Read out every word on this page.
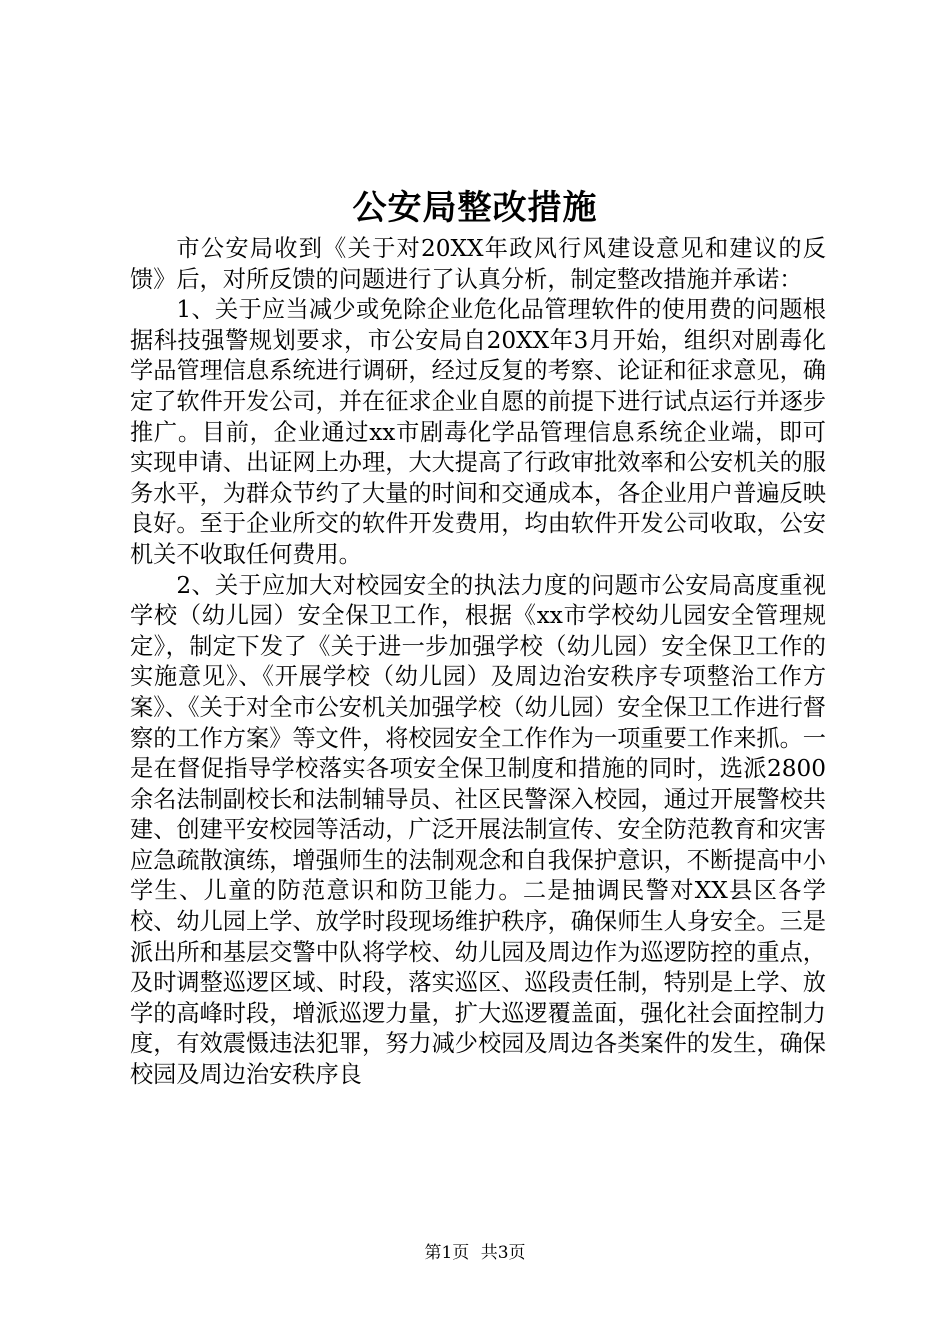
公安局整改措施

市公安局收到《关于对20XX年政风行风建设意见和建议的反馈》后，对所反馈的问题进行了认真分析，制定整改措施并承诺：

1、关于应当减少或免除企业危化品管理软件的使用费的问题根据科技强警规划要求，市公安局自20XX年3月开始，组织对剧毒化学品管理信息系统进行调研，经过反复的考察、论证和征求意见，确定了软件开发公司，并在征求企业自愿的前提下进行试点运行并逐步推广。目前，企业通过xx市剧毒化学品管理信息系统企业端，即可实现申请、出证网上办理，大大提高了行政审批效率和公安机关的服务水平，为群众节约了大量的时间和交通成本，各企业用户普遍反映良好。至于企业所交的软件开发费用，均由软件开发公司收取，公安机关不收取任何费用。

2、关于应加大对校园安全的执法力度的问题市公安局高度重视学校（幼儿园）安全保卫工作，根据《xx市学校幼儿园安全管理规定》，制定下发了《关于进一步加强学校（幼儿园）安全保卫工作的实施意见》、《开展学校（幼儿园）及周边治安秩序专项整治工作方案》、《关于对全市公安机关加强学校（幼儿园）安全保卫工作进行督察的工作方案》等文件，将校园安全工作作为一项重要工作来抓。一是在督促指导学校落实各项安全保卫制度和措施的同时，选派2800余名法制副校长和法制辅导员、社区民警深入校园，通过开展警校共建、创建平安校园等活动，广泛开展法制宣传、安全防范教育和灾害应急疏散演练，增强师生的法制观念和自我保护意识，不断提高中小学生、儿童的防范意识和防卫能力。二是抽调民警对XX县区各学校、幼儿园上学、放学时段现场维护秩序，确保师生人身安全。三是派出所和基层交警中队将学校、幼儿园及周边作为巡逻防控的重点，及时调整巡逻区域、时段，落实巡区、巡段责任制，特别是上学、放学的高峰时段，增派巡逻力量，扩大巡逻覆盖面，强化社会面控制力度，有效震慑违法犯罪，努力减少校园及周边各类案件的发生，确保校园及周边治安秩序良

第1页 共3页
